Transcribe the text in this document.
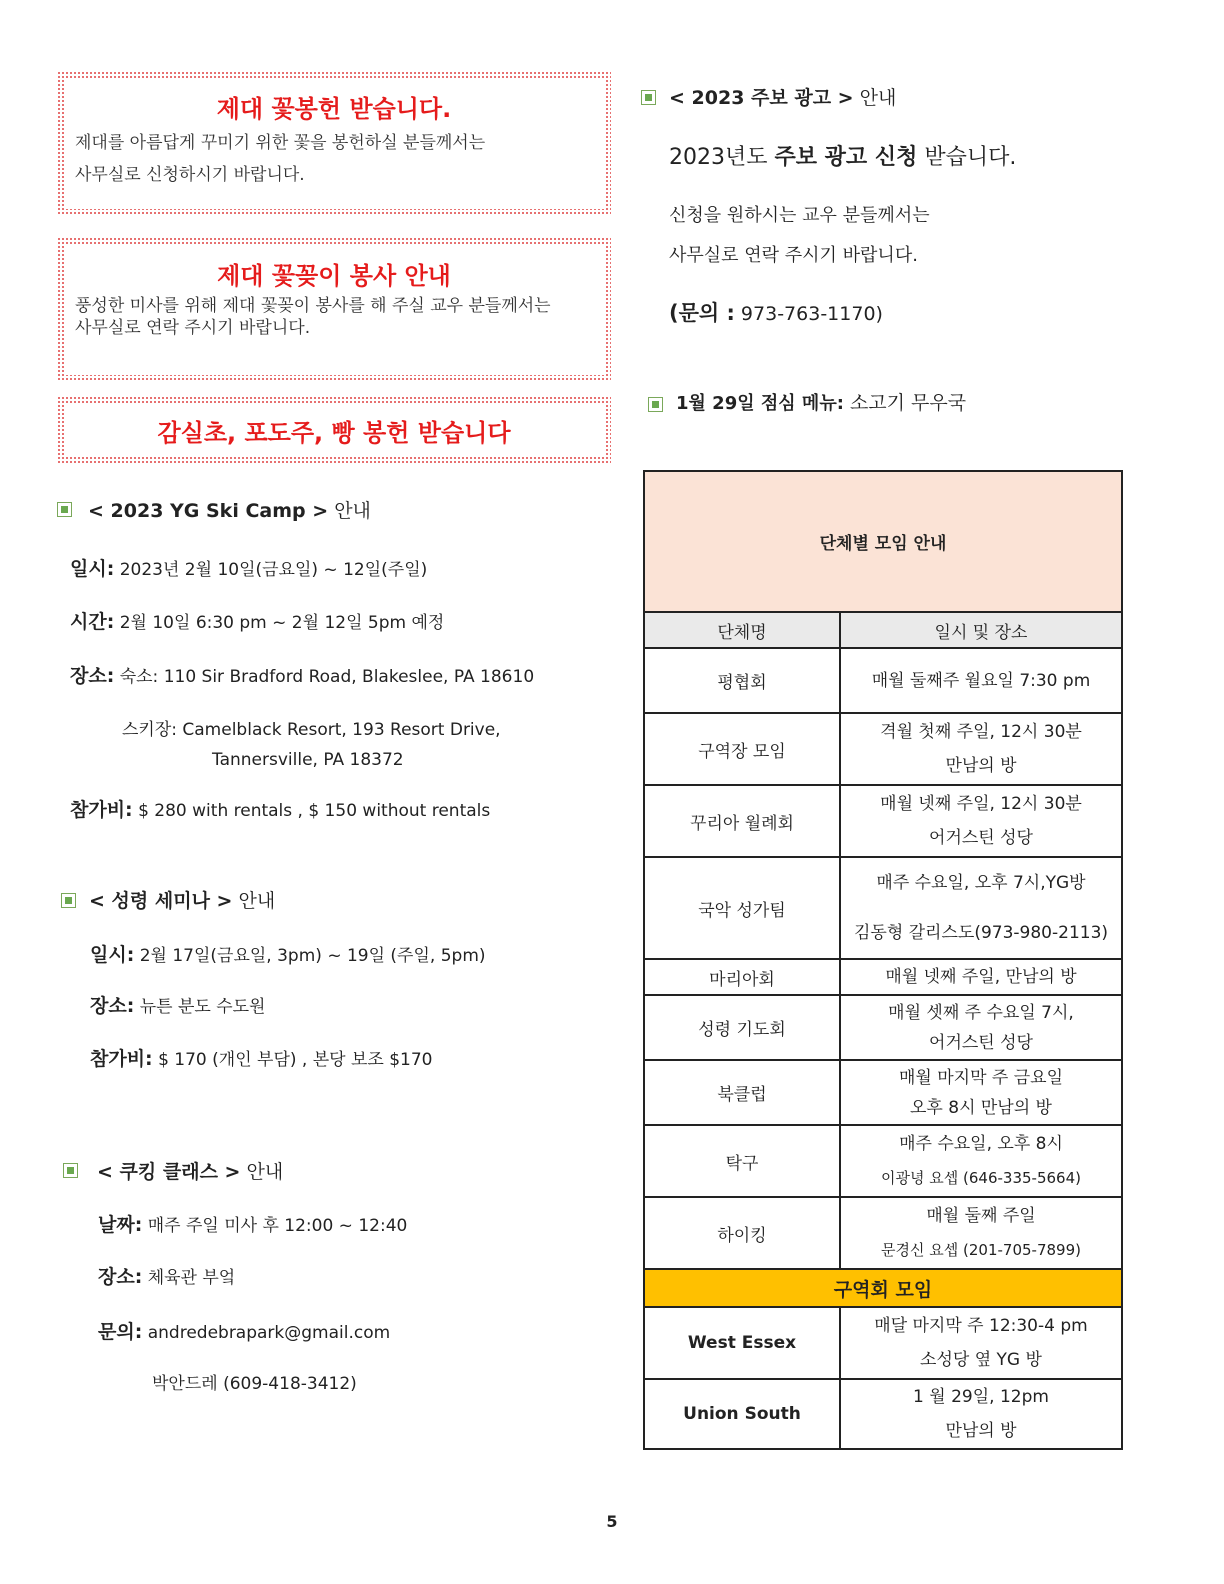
제대 꽃봉헌 받습니다.
제대를 아름답게 꾸미기 위한 꽃을 봉헌하실 분들께서는
사무실로 신청하시기 바랍니다.
제대 꽃꽂이 봉사 안내
풍성한 미사를 위해 제대 꽃꽂이 봉사를 해 주실 교우 분들께서는
사무실로 연락 주시기 바랍니다.
감실초, 포도주, 빵 봉헌 받습니다
< 2023 YG Ski Camp > 안내
일시: 2023년 2월 10일(금요일) ~ 12일(주일)
시간: 2월 10일 6:30 pm ~ 2월 12일 5pm 예정
장소: 숙소: 110 Sir Bradford Road, Blakeslee, PA 18610
스키장: Camelblack Resort, 193 Resort Drive,
Tannersville, PA 18372
참가비: $ 280 with rentals , $ 150 without rentals
< 성령 세미나 > 안내
일시: 2월 17일(금요일, 3pm) ~ 19일 (주일, 5pm)
장소: 뉴튼 분도 수도원
참가비: $ 170 (개인 부담) , 본당 보조 $170
< 쿠킹 클래스 > 안내
날짜: 매주 주일 미사 후 12:00 ~ 12:40
장소: 체육관 부엌
문의: andredebrapark@gmail.com
박안드레 (609-418-3412)
< 2023 주보 광고 > 안내
2023년도 주보 광고 신청 받습니다.
신청을 원하시는 교우 분들께서는
사무실로 연락 주시기 바랍니다.
(문의 : 973-763-1170)
1월 29일 점심 메뉴: 소고기 무우국
단체별 모임 안내	
단체명	일시 및 장소
평협회	매월 둘째주 월요일 7:30 pm

구역장 모임	격월 첫째 주일, 12시 30분
만남의 방

꾸리아 월례회	매월 넷째 주일, 12시 30분
어거스틴 성당

국악 성가팀	매주 수요일, 오후 7시,YG방
김동형 갈리스도(973-980-2113)

마리아회	매월 넷째 주일, 만남의 방

성령 기도회	매월 셋째 주 수요일 7시,
어거스틴 성당

북클럽	매월 마지막 주 금요일
오후 8시 만남의 방

탁구	매주 수요일, 오후 8시
이광녕 요셉 (646-335-5664)

하이킹	매월 둘째 주일
문경신 요셉 (201-705-7899)

구역회 모임	
West Essex	매달 마지막 주 12:30-4 pm
소성당 옆 YG 방

Union South	1 월 29일, 12pm
만남의 방
5
